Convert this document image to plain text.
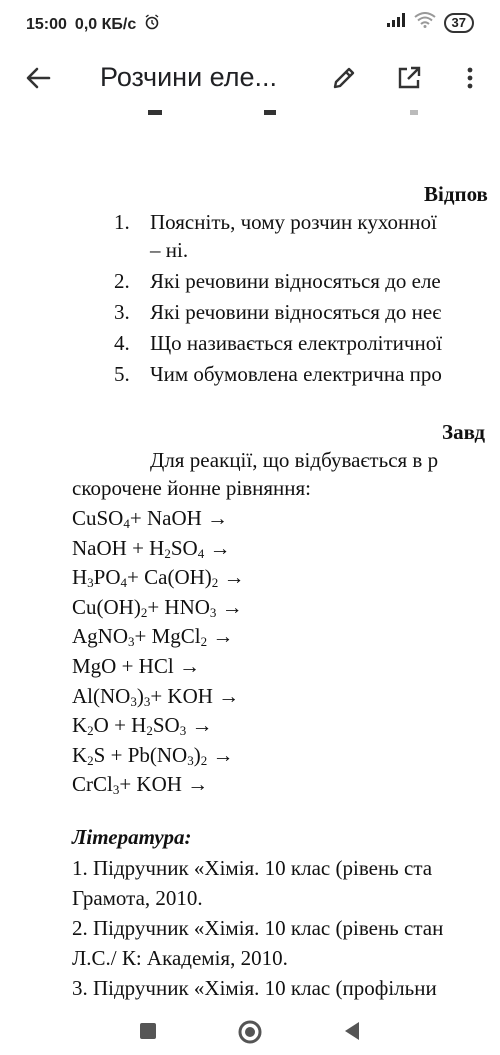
15:00 0,0 КБ/с	37
Розчини еле...
Відпов
1. Поясніть, чому розчин кухонної
– ні.
2. Які речовини відносяться до еле
3. Які речовини відносяться до неє
4. Що називається електролітичної
5. Чим обумовлена електрична про
Завд
Для реакції, що відбувається в р
скорочене йонне рівняння:
CuSO$_4$+ NaOH →
NaOH + $H_2SO_4$ →
$H_3PO_4+ Ca(OH)_2$ →
$Cu(OH)_2+ HNO_3$ →
AgNO$_3$+ MgCl$_2$ →
MgO + HCl →
$Al(NO_3)_3+$ KOH →
$K_2O + H_2SO_3$ →
$K_2S + Pb(NO_3)_2$ →
CrCl$_3$+ KOH →
Література:
1. Підручник «Хімія. 10 клас (рівень ста
Грамота, 2010.
2. Підручник «Хімія. 10 клас (рівень стан
Л.С./ К: Академія, 2010.
3. Підручник «Хімія. 10 клас (профільни
